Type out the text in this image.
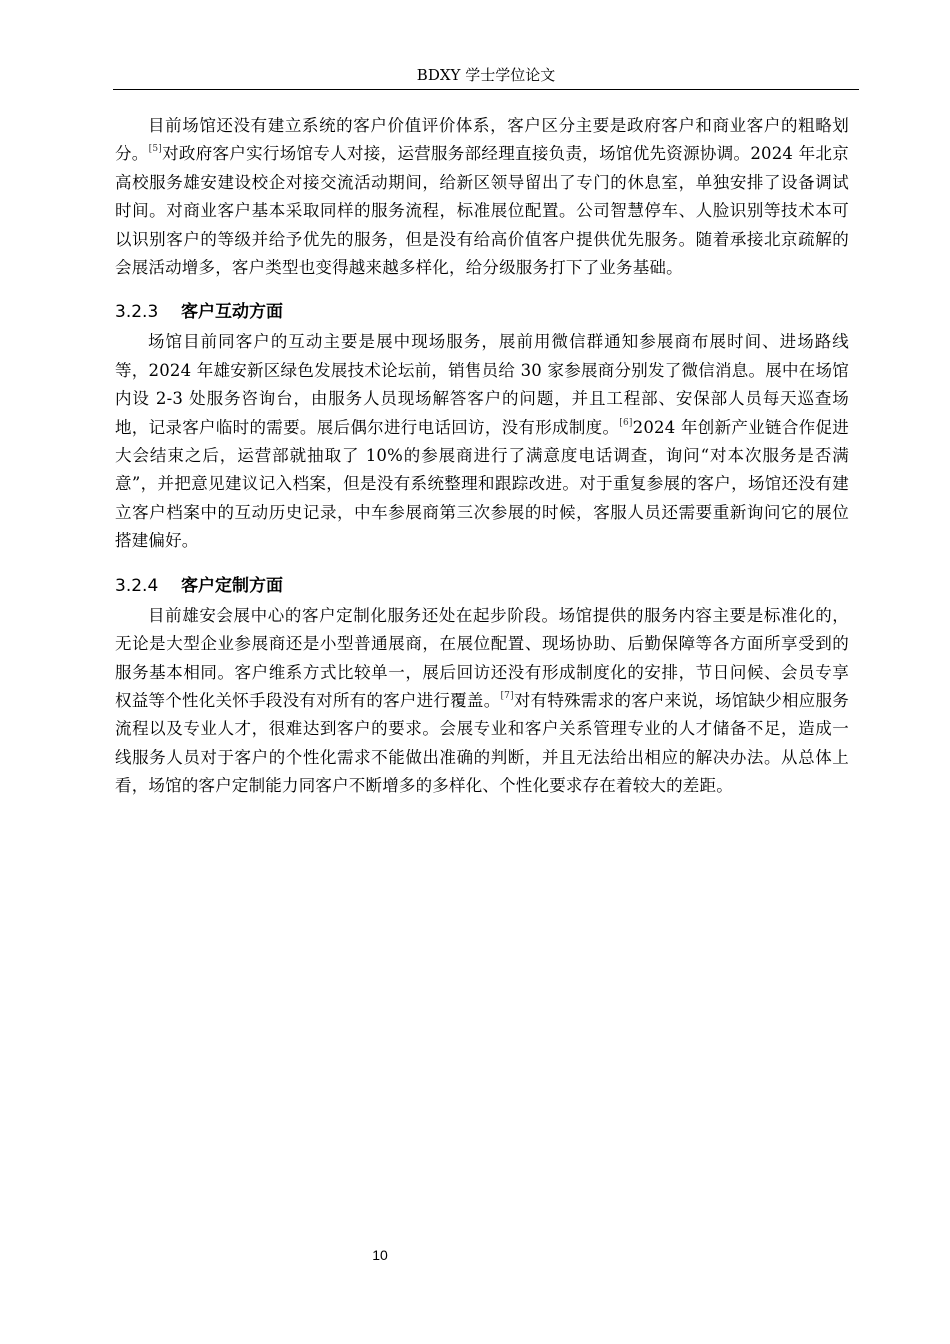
BDXY 学士学位论文

目前场馆还没有建立系统的客户价值评价体系，客户区分主要是政府客户和商业客户的粗略划分。[5]对政府客户实行场馆专人对接，运营服务部经理直接负责，场馆优先资源协调。2024 年北京高校服务雄安建设校企对接交流活动期间，给新区领导留出了专门的休息室，单独安排了设备调试时间。对商业客户基本采取同样的服务流程，标准展位配置。公司智慧停车、人脸识别等技术本可以识别客户的等级并给予优先的服务，但是没有给高价值客户提供优先服务。随着承接北京疏解的会展活动增多，客户类型也变得越来越多样化，给分级服务打下了业务基础。

3.2.3 客户互动方面

场馆目前同客户的互动主要是展中现场服务，展前用微信群通知参展商布展时间、进场路线等，2024 年雄安新区绿色发展技术论坛前，销售员给 30 家参展商分别发了微信消息。展中在场馆内设 2-3 处服务咨询台，由服务人员现场解答客户的问题，并且工程部、安保部人员每天巡查场地，记录客户临时的需要。展后偶尔进行电话回访，没有形成制度。[6]2024 年创新产业链合作促进大会结束之后，运营部就抽取了 10%的参展商进行了满意度电话调查，询问“对本次服务是否满意”，并把意见建议记入档案，但是没有系统整理和跟踪改进。对于重复参展的客户，场馆还没有建立客户档案中的互动历史记录，中车参展商第三次参展的时候，客服人员还需要重新询问它的展位搭建偏好。

3.2.4 客户定制方面

目前雄安会展中心的客户定制化服务还处在起步阶段。场馆提供的服务内容主要是标准化的，无论是大型企业参展商还是小型普通展商，在展位配置、现场协助、后勤保障等各方面所享受到的服务基本相同。客户维系方式比较单一，展后回访还没有形成制度化的安排，节日问候、会员专享权益等个性化关怀手段没有对所有的客户进行覆盖。[7]对有特殊需求的客户来说，场馆缺少相应服务流程以及专业人才，很难达到客户的要求。会展专业和客户关系管理专业的人才储备不足，造成一线服务人员对于客户的个性化需求不能做出准确的判断，并且无法给出相应的解决办法。从总体上看，场馆的客户定制能力同客户不断增多的多样化、个性化要求存在着较大的差距。

10
